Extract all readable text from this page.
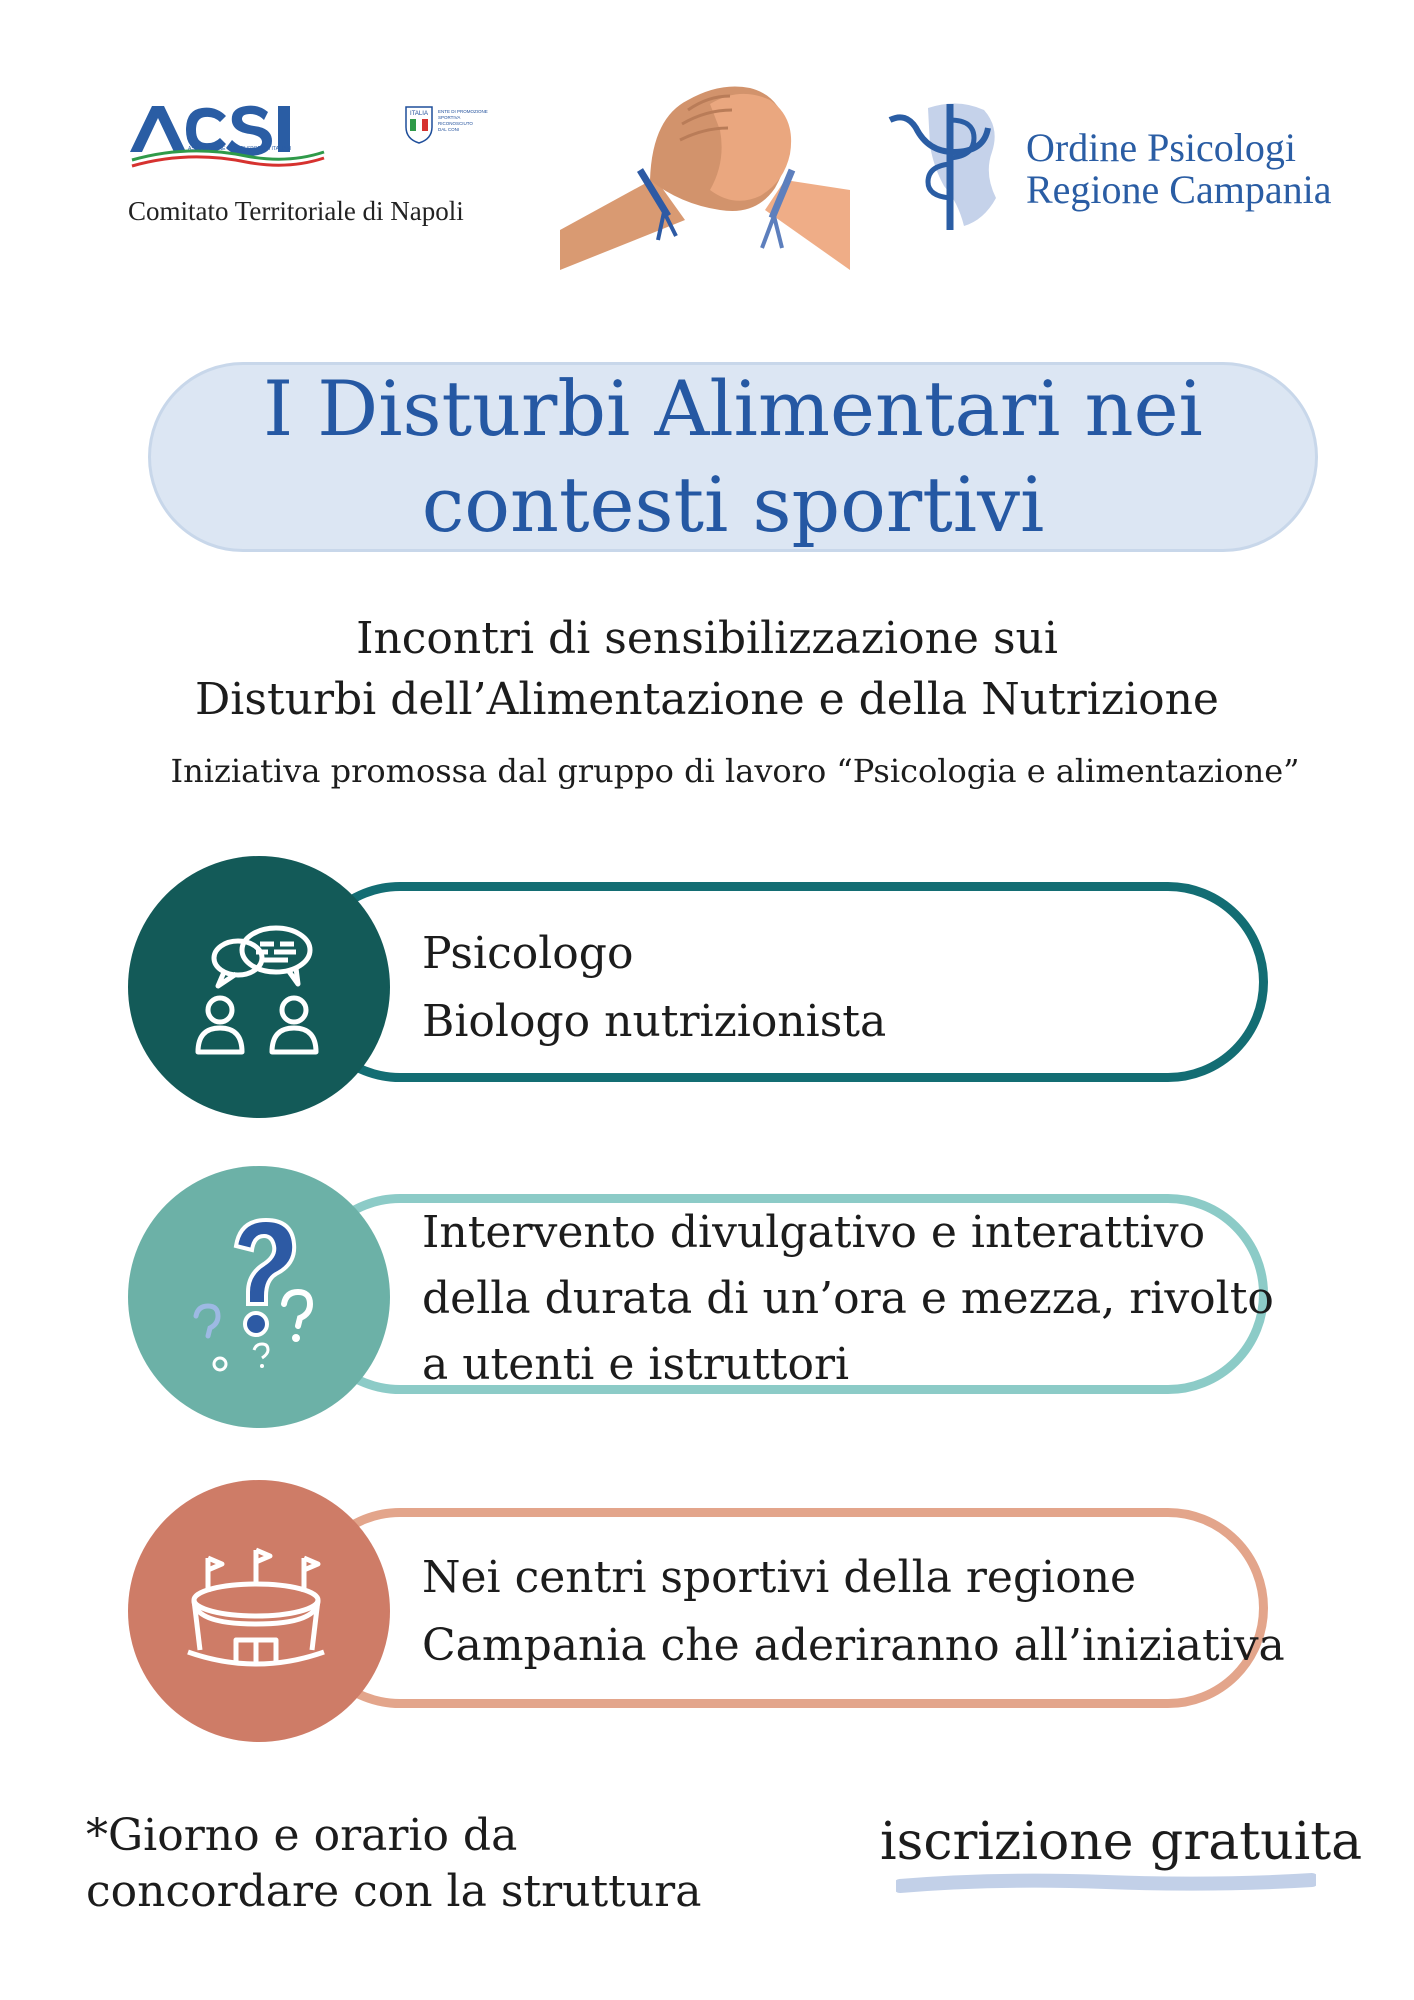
ASSOCIAZIONE CENTRI SPORTIVI ITALIANI
Comitato Territoriale di Napoli
ITALIA ENTE DI PROMOZIONE
SPORTIVA
RICONOSCIUTO
DAL CONI	Ordine Psicologi
Regione Campania
I Disturbi Alimentari nei
contesti sportivi
Incontri di sensibilizzazione sui
Disturbi dell’Alimentazione e della Nutrizione
Iniziativa promossa dal gruppo di lavoro “Psicologia e alimentazione”
Psicologo
Biologo nutrizionista
Intervento divulgativo e interattivo
della durata di un’ora e mezza, rivolto
a utenti e istruttori
Nei centri sportivi della regione
Campania che aderiranno all’iniziativa
*Giorno e orario da
concordare con la struttura
iscrizione gratuita
